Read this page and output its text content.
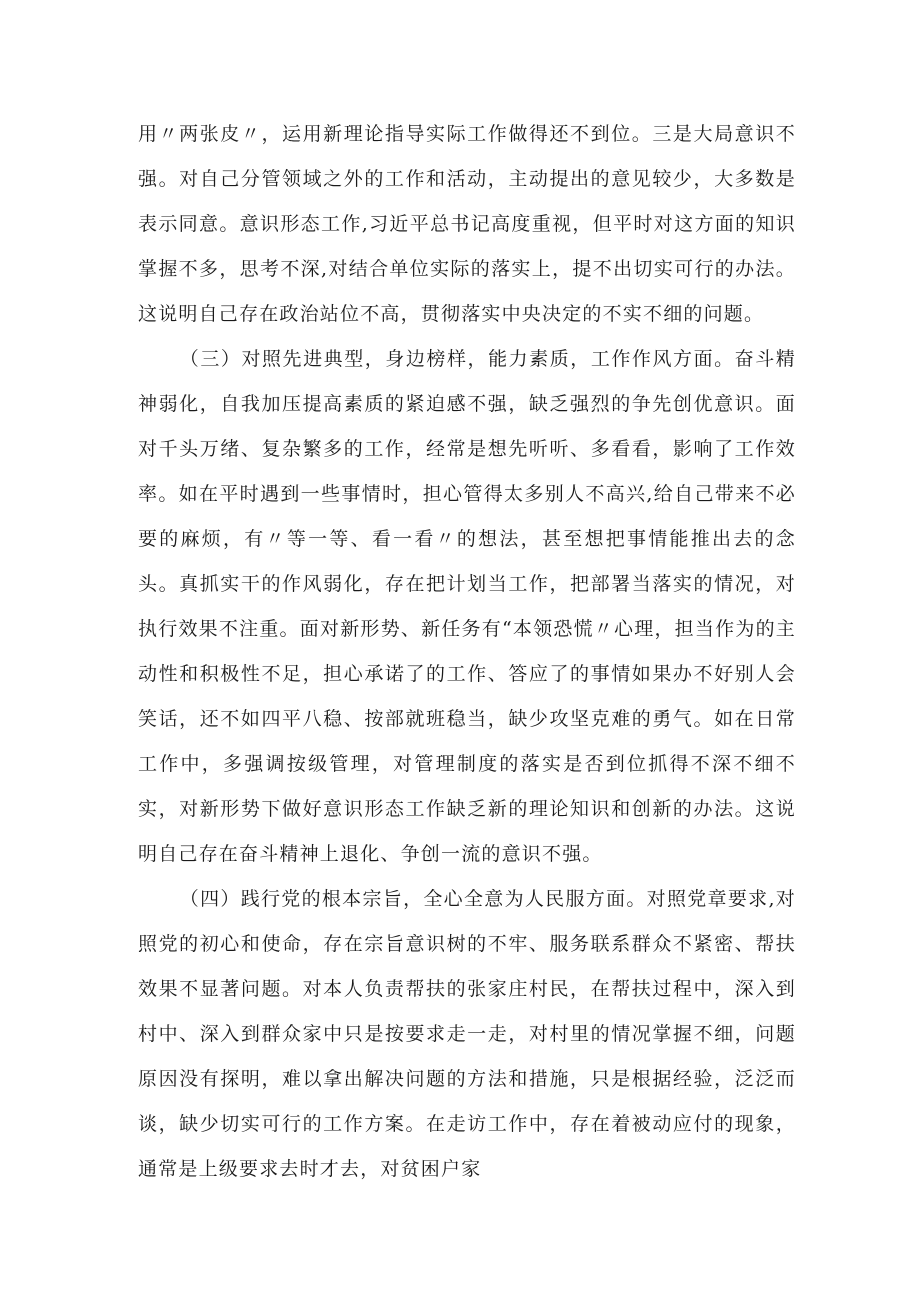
用〃两张皮〃，运用新理论指导实际工作做得还不到位。三是大局意识不强。对自己分管领域之外的工作和活动，主动提出的意见较少，大多数是表示同意。意识形态工作,习近平总书记高度重视，但平时对这方面的知识掌握不多，思考不深,对结合单位实际的落实上，提不出切实可行的办法。这说明自己存在政治站位不高，贯彻落实中央决定的不实不细的问题。

（三）对照先进典型，身边榜样，能力素质，工作作风方面。奋斗精神弱化，自我加压提高素质的紧迫感不强，缺乏强烈的争先创优意识。面对千头万绪、复杂繁多的工作，经常是想先听听、多看看，影响了工作效率。如在平时遇到一些事情时，担心管得太多别人不高兴,给自己带来不必要的麻烦，有〃等一等、看一看〃的想法，甚至想把事情能推出去的念头。真抓实干的作风弱化，存在把计划当工作，把部署当落实的情况，对执行效果不注重。面对新形势、新任务有“本领恐慌〃心理，担当作为的主动性和积极性不足，担心承诺了的工作、答应了的事情如果办不好别人会笑话，还不如四平八稳、按部就班稳当，缺少攻坚克难的勇气。如在日常工作中，多强调按级管理，对管理制度的落实是否到位抓得不深不细不实，对新形势下做好意识形态工作缺乏新的理论知识和创新的办法。这说明自己存在奋斗精神上退化、争创一流的意识不强。

（四）践行党的根本宗旨，全心全意为人民服方面。对照党章要求,对照党的初心和使命，存在宗旨意识树的不牢、服务联系群众不紧密、帮扶效果不显著问题。对本人负责帮扶的张家庄村民，在帮扶过程中，深入到村中、深入到群众家中只是按要求走一走，对村里的情况掌握不细，问题原因没有探明，难以拿出解决问题的方法和措施，只是根据经验，泛泛而谈，缺少切实可行的工作方案。在走访工作中，存在着被动应付的现象，通常是上级要求去时才去，对贫困户家
